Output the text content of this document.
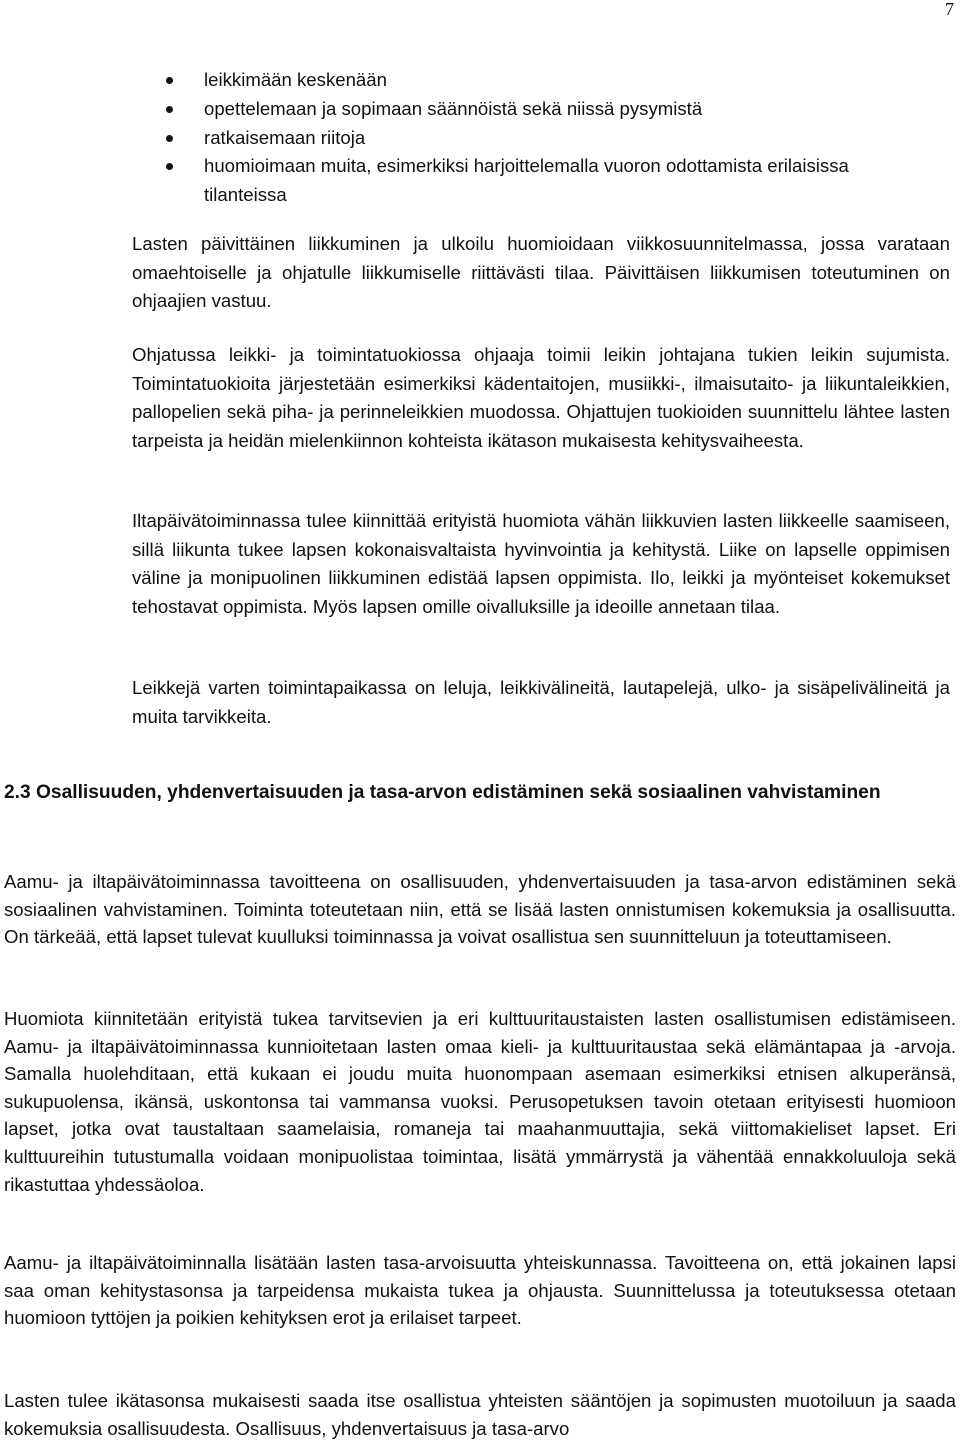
7
leikkimään keskenään
opettelemaan ja sopimaan säännöistä sekä niissä pysymistä
ratkaisemaan riitoja
huomioimaan muita, esimerkiksi harjoittelemalla vuoron odottamista erilaisissa tilanteissa

Lasten päivittäinen liikkuminen ja ulkoilu huomioidaan viikkosuunnitelmassa, jossa varataan omaehtoiselle ja ohjatulle liikkumiselle riittävästi tilaa. Päivittäisen liikkumisen toteutuminen on ohjaajien vastuu.

Ohjatussa leikki- ja toimintatuokiossa ohjaaja toimii leikin johtajana tukien leikin sujumista. Toimintatuokioita järjestetään esimerkiksi kädentaitojen, musiikki-, ilmaisutaito- ja liikuntaleikkien, pallopelien sekä piha- ja perinneleikkien muodossa. Ohjattujen tuokioiden suunnittelu lähtee lasten tarpeista ja heidän mielenkiinnon kohteista ikätason mukaisesta kehitysvaiheesta.

Iltapäivätoiminnassa tulee kiinnittää erityistä huomiota vähän liikkuvien lasten liikkeelle saamiseen, sillä liikunta tukee lapsen kokonaisvaltaista hyvinvointia ja kehitystä. Liike on lapselle oppimisen väline ja monipuolinen liikkuminen edistää lapsen oppimista. Ilo, leikki ja myönteiset kokemukset tehostavat oppimista. Myös lapsen omille oivalluksille ja ideoille annetaan tilaa.

Leikkejä varten toimintapaikassa on leluja, leikkivälineitä, lautapelejä, ulko- ja sisäpelivälineitä ja muita tarvikkeita.

2.3 Osallisuuden, yhdenvertaisuuden ja tasa-arvon edistäminen sekä sosiaalinen vahvistaminen

Aamu- ja iltapäivätoiminnassa tavoitteena on osallisuuden, yhdenvertaisuuden ja tasa-arvon edistäminen sekä sosiaalinen vahvistaminen. Toiminta toteutetaan niin, että se lisää lasten onnistumisen kokemuksia ja osallisuutta. On tärkeää, että lapset tulevat kuulluksi toiminnassa ja voivat osallistua sen suunnitteluun ja toteuttamiseen.

Huomiota kiinnitetään erityistä tukea tarvitsevien ja eri kulttuuritaustaisten lasten osallistumisen edistämiseen. Aamu- ja iltapäivätoiminnassa kunnioitetaan lasten omaa kieli- ja kulttuuritaustaa sekä elämäntapaa ja -arvoja. Samalla huolehditaan, että kukaan ei joudu muita huonompaan asemaan esimerkiksi etnisen alkuperänsä, sukupuolensa, ikänsä, uskontonsa tai vammansa vuoksi. Perusopetuksen tavoin otetaan erityisesti huomioon lapset, jotka ovat taustaltaan saamelaisia, romaneja tai maahanmuuttajia, sekä viittomakieliset lapset. Eri kulttuureihin tutustumalla voidaan monipuolistaa toimintaa, lisätä ymmärrystä ja vähentää ennakkoluuloja sekä rikastuttaa yhdessäoloa.

Aamu- ja iltapäivätoiminnalla lisätään lasten tasa-arvoisuutta yhteiskunnassa. Tavoitteena on, että jokainen lapsi saa oman kehitystasonsa ja tarpeidensa mukaista tukea ja ohjausta. Suunnittelussa ja toteutuksessa otetaan huomioon tyttöjen ja poikien kehityksen erot ja erilaiset tarpeet.

Lasten tulee ikätasonsa mukaisesti saada itse osallistua yhteisten sääntöjen ja sopimusten muotoiluun ja saada kokemuksia osallisuudesta. Osallisuus, yhdenvertaisuus ja tasa-arvo
